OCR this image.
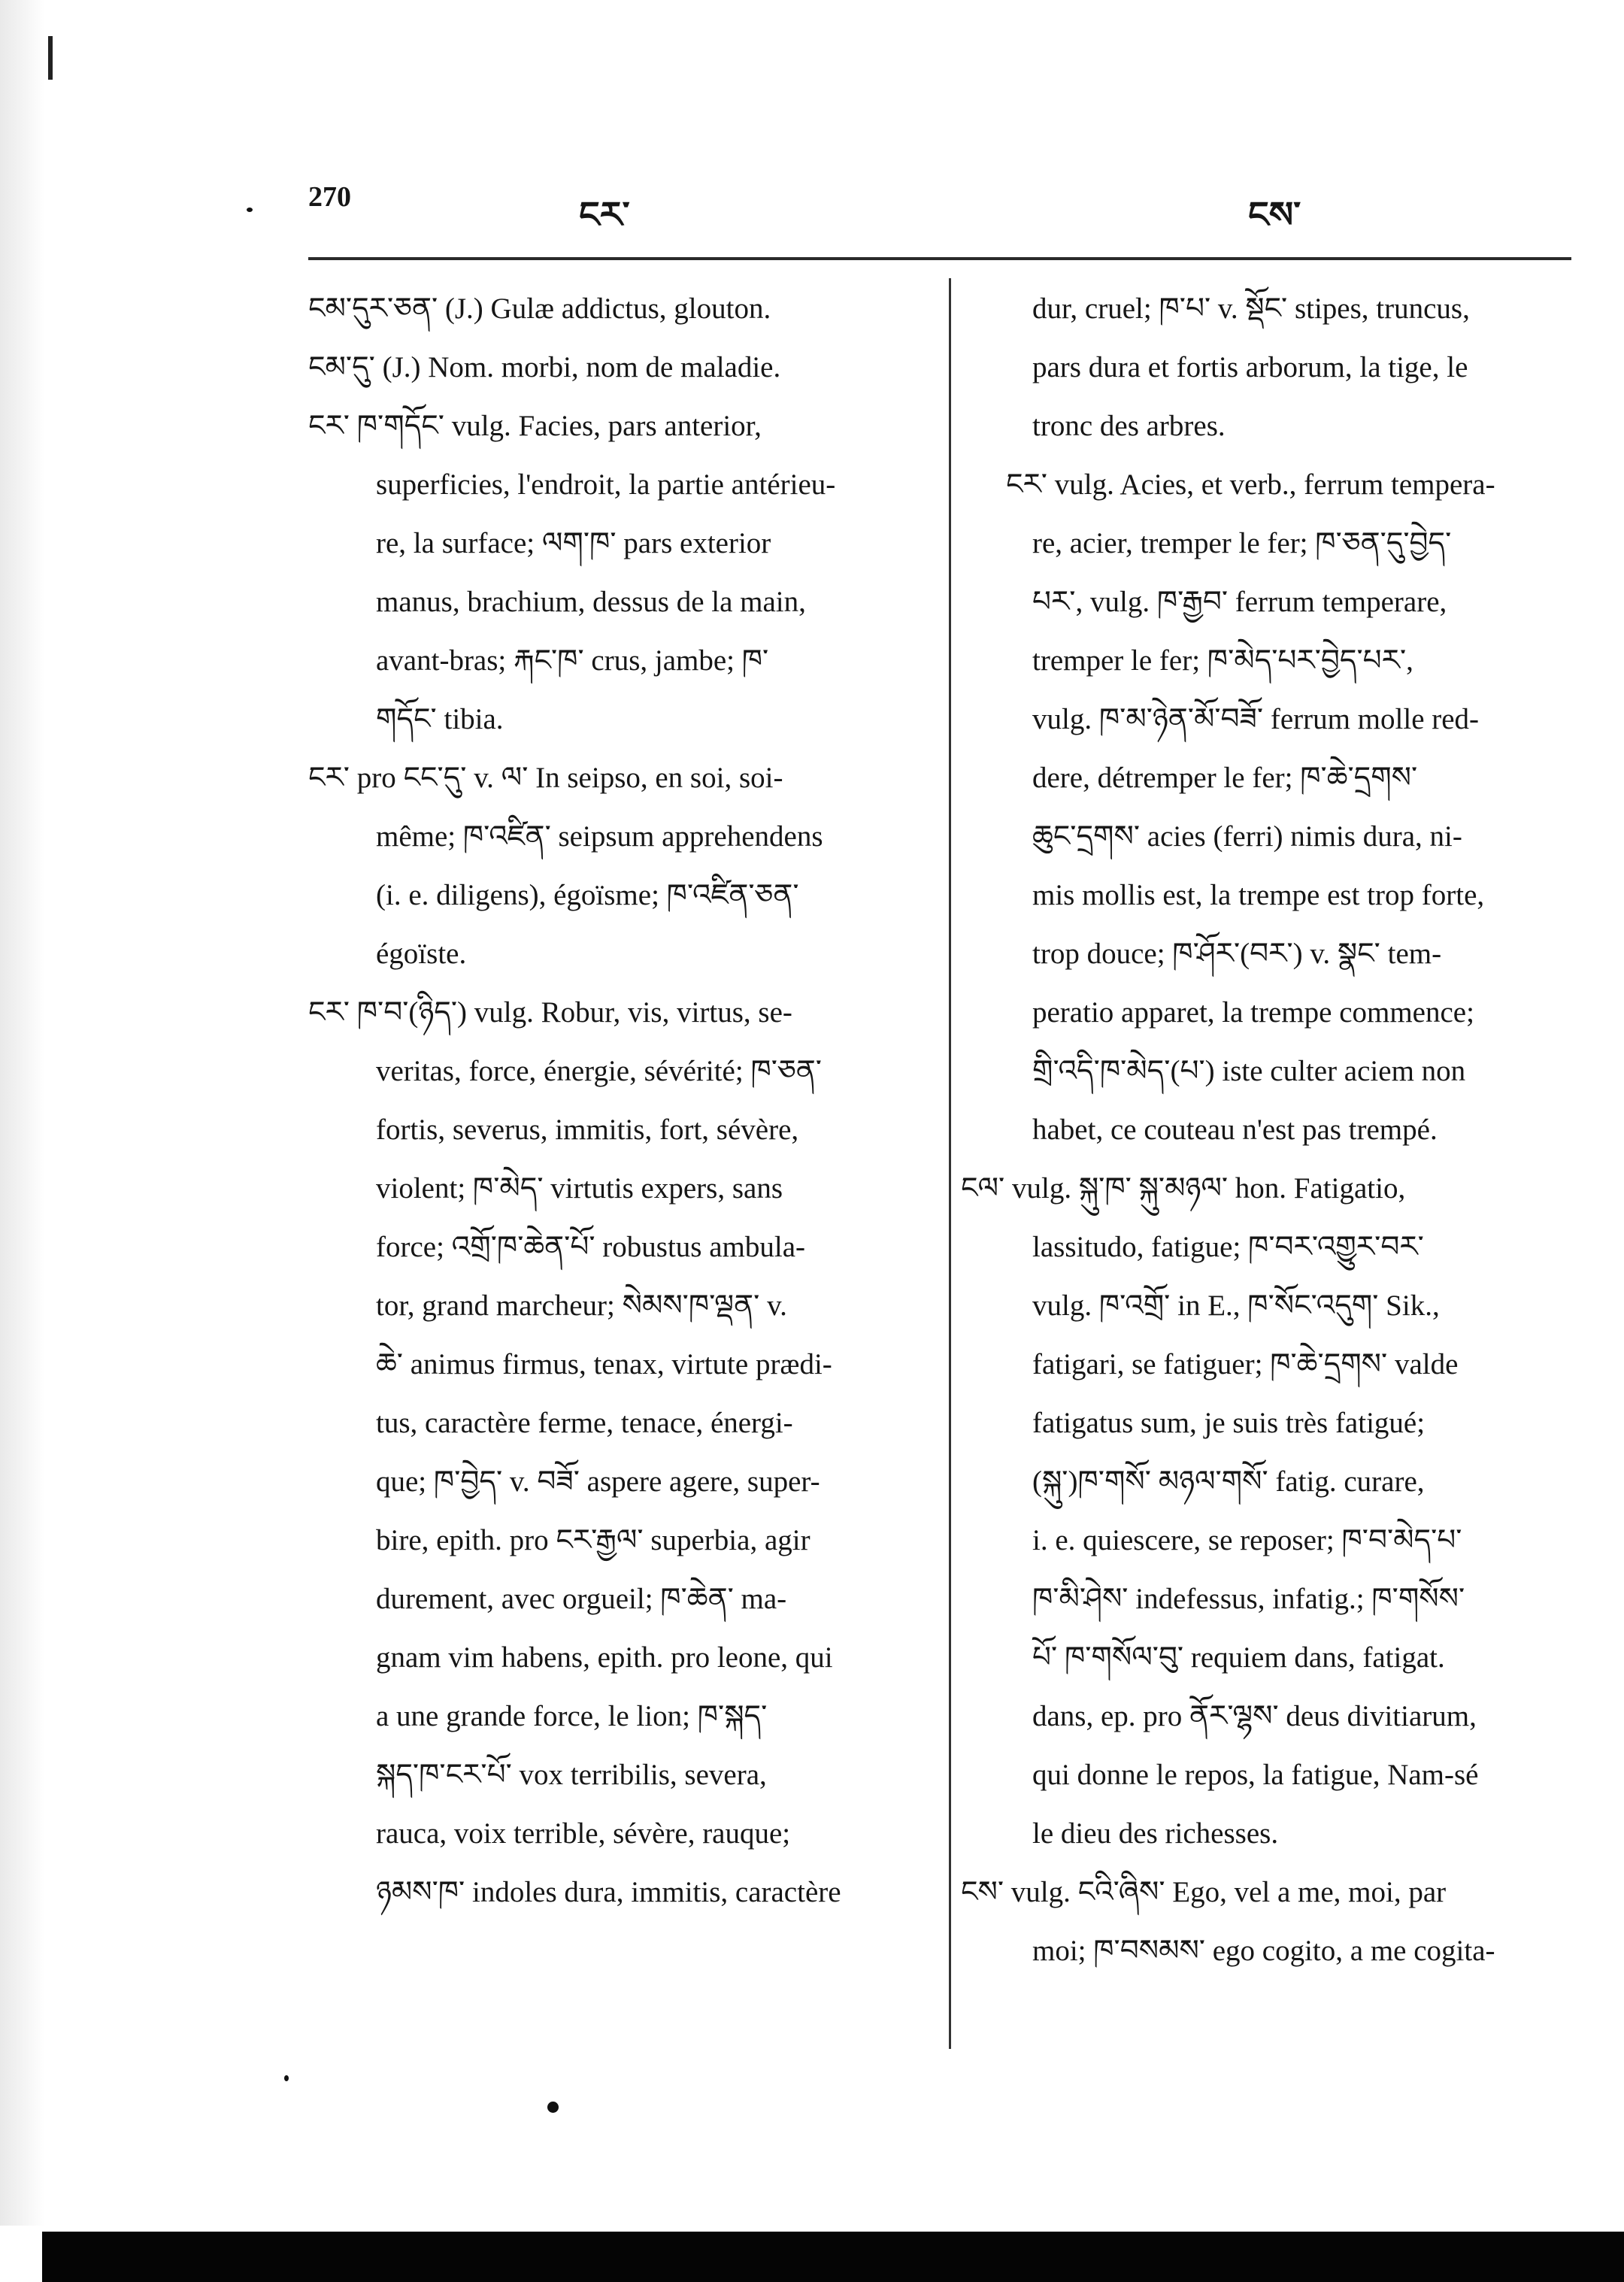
270	ངར་	ངས་
ངམ་དུར་ཅན་ (J.) Gulæ addictus, glouton.
ངམ་དུ་ (J.) Nom. morbi, nom de maladie.
ངར་ ཁ་གདོང་ vulg. Facies, pars anterior,
superficies, l'endroit, la partie antérieu-
re, la surface; ལག་ཁ་ pars exterior
manus, brachium, dessus de la main,
avant-bras; རྐང་ཁ་ crus, jambe; ཁ་
གདོང་ tibia.
ངར་ pro ངང་དུ་ v. ལ་ In seipso, en soi, soi-
même; ཁ་འཛིན་ seipsum apprehendens
(i. e. diligens), égoïsme; ཁ་འཛིན་ཅན་
égoïste.
ངར་ ཁ་བ་(ཉིད་) vulg. Robur, vis, virtus, se-
veritas, force, énergie, sévérité; ཁ་ཅན་
fortis, severus, immitis, fort, sévère,
violent; ཁ་མེད་ virtutis expers, sans
force; འགྲོ་ཁ་ཆེན་པོ་ robustus ambula-
tor, grand marcheur; སེམས་ཁ་ལྡན་ v.
ཆེ་ animus firmus, tenax, virtute prædi-
tus, caractère ferme, tenace, énergi-
que; ཁ་བྱེད་ v. བཟོ་ aspere agere, super-
bire, epith. pro ངར་རྒྱལ་ superbia, agir
durement, avec orgueil; ཁ་ཆེན་ ma-
gnam vim habens, epith. pro leone, qui
a une grande force, le lion; ཁ་སྐད་
སྐད་ཁ་ངར་པོ་ vox terribilis, severa,
rauca, voix terrible, sévère, rauque;
ཉམས་ཁ་ indoles dura, immitis, caractère
dur, cruel; ཁ་པ་ v. སྡོང་ stipes, truncus,
pars dura et fortis arborum, la tige, le
tronc des arbres.
ངར་ vulg. Acies, et verb., ferrum tempera-
re, acier, tremper le fer; ཁ་ཅན་དུ་བྱེད་
པར་, vulg. ཁ་རྒྱབ་ ferrum temperare,
tremper le fer; ཁ་མེད་པར་བྱེད་པར་,
vulg. ཁ་མ་ཉེན་མོ་བཟོ་ ferrum molle red-
dere, détremper le fer; ཁ་ཆེ་དྲགས་
ཆུང་དྲགས་ acies (ferri) nimis dura, ni-
mis mollis est, la trempe est trop forte,
trop douce; ཁ་ཤོར་(བར་) v. སྣང་ tem-
peratio apparet, la trempe commence;
གྲི་འདི་ཁ་མེད་(པ་) iste culter aciem non
habet, ce couteau n'est pas trempé.
ངལ་ vulg. སྐུ་ཁ་ སྐུ་མཉལ་ hon. Fatigatio,
lassitudo, fatigue; ཁ་བར་འགྱུར་བར་
vulg. ཁ་འགྲོ་ in E., ཁ་སོང་འདུག་ Sik.,
fatigari, se fatiguer; ཁ་ཆེ་དྲགས་ valde
fatigatus sum, je suis très fatigué;
(སྐུ་)ཁ་གསོ་ མཉལ་གསོ་ fatig. curare,
i. e. quiescere, se reposer; ཁ་བ་མེད་པ་
ཁ་མི་ཤེས་ indefessus, infatig.; ཁ་གསོས་
པོ་ ཁ་གསོལ་བུ་ requiem dans, fatigat.
dans, ep. pro ནོར་ལྷས་ deus divitiarum,
qui donne le repos, la fatigue, Nam-sé
le dieu des richesses.
ངས་ vulg. ངའི་ཞིས་ Ego, vel a me, moi, par
moi; ཁ་བསམས་ ego cogito, a me cogita-
